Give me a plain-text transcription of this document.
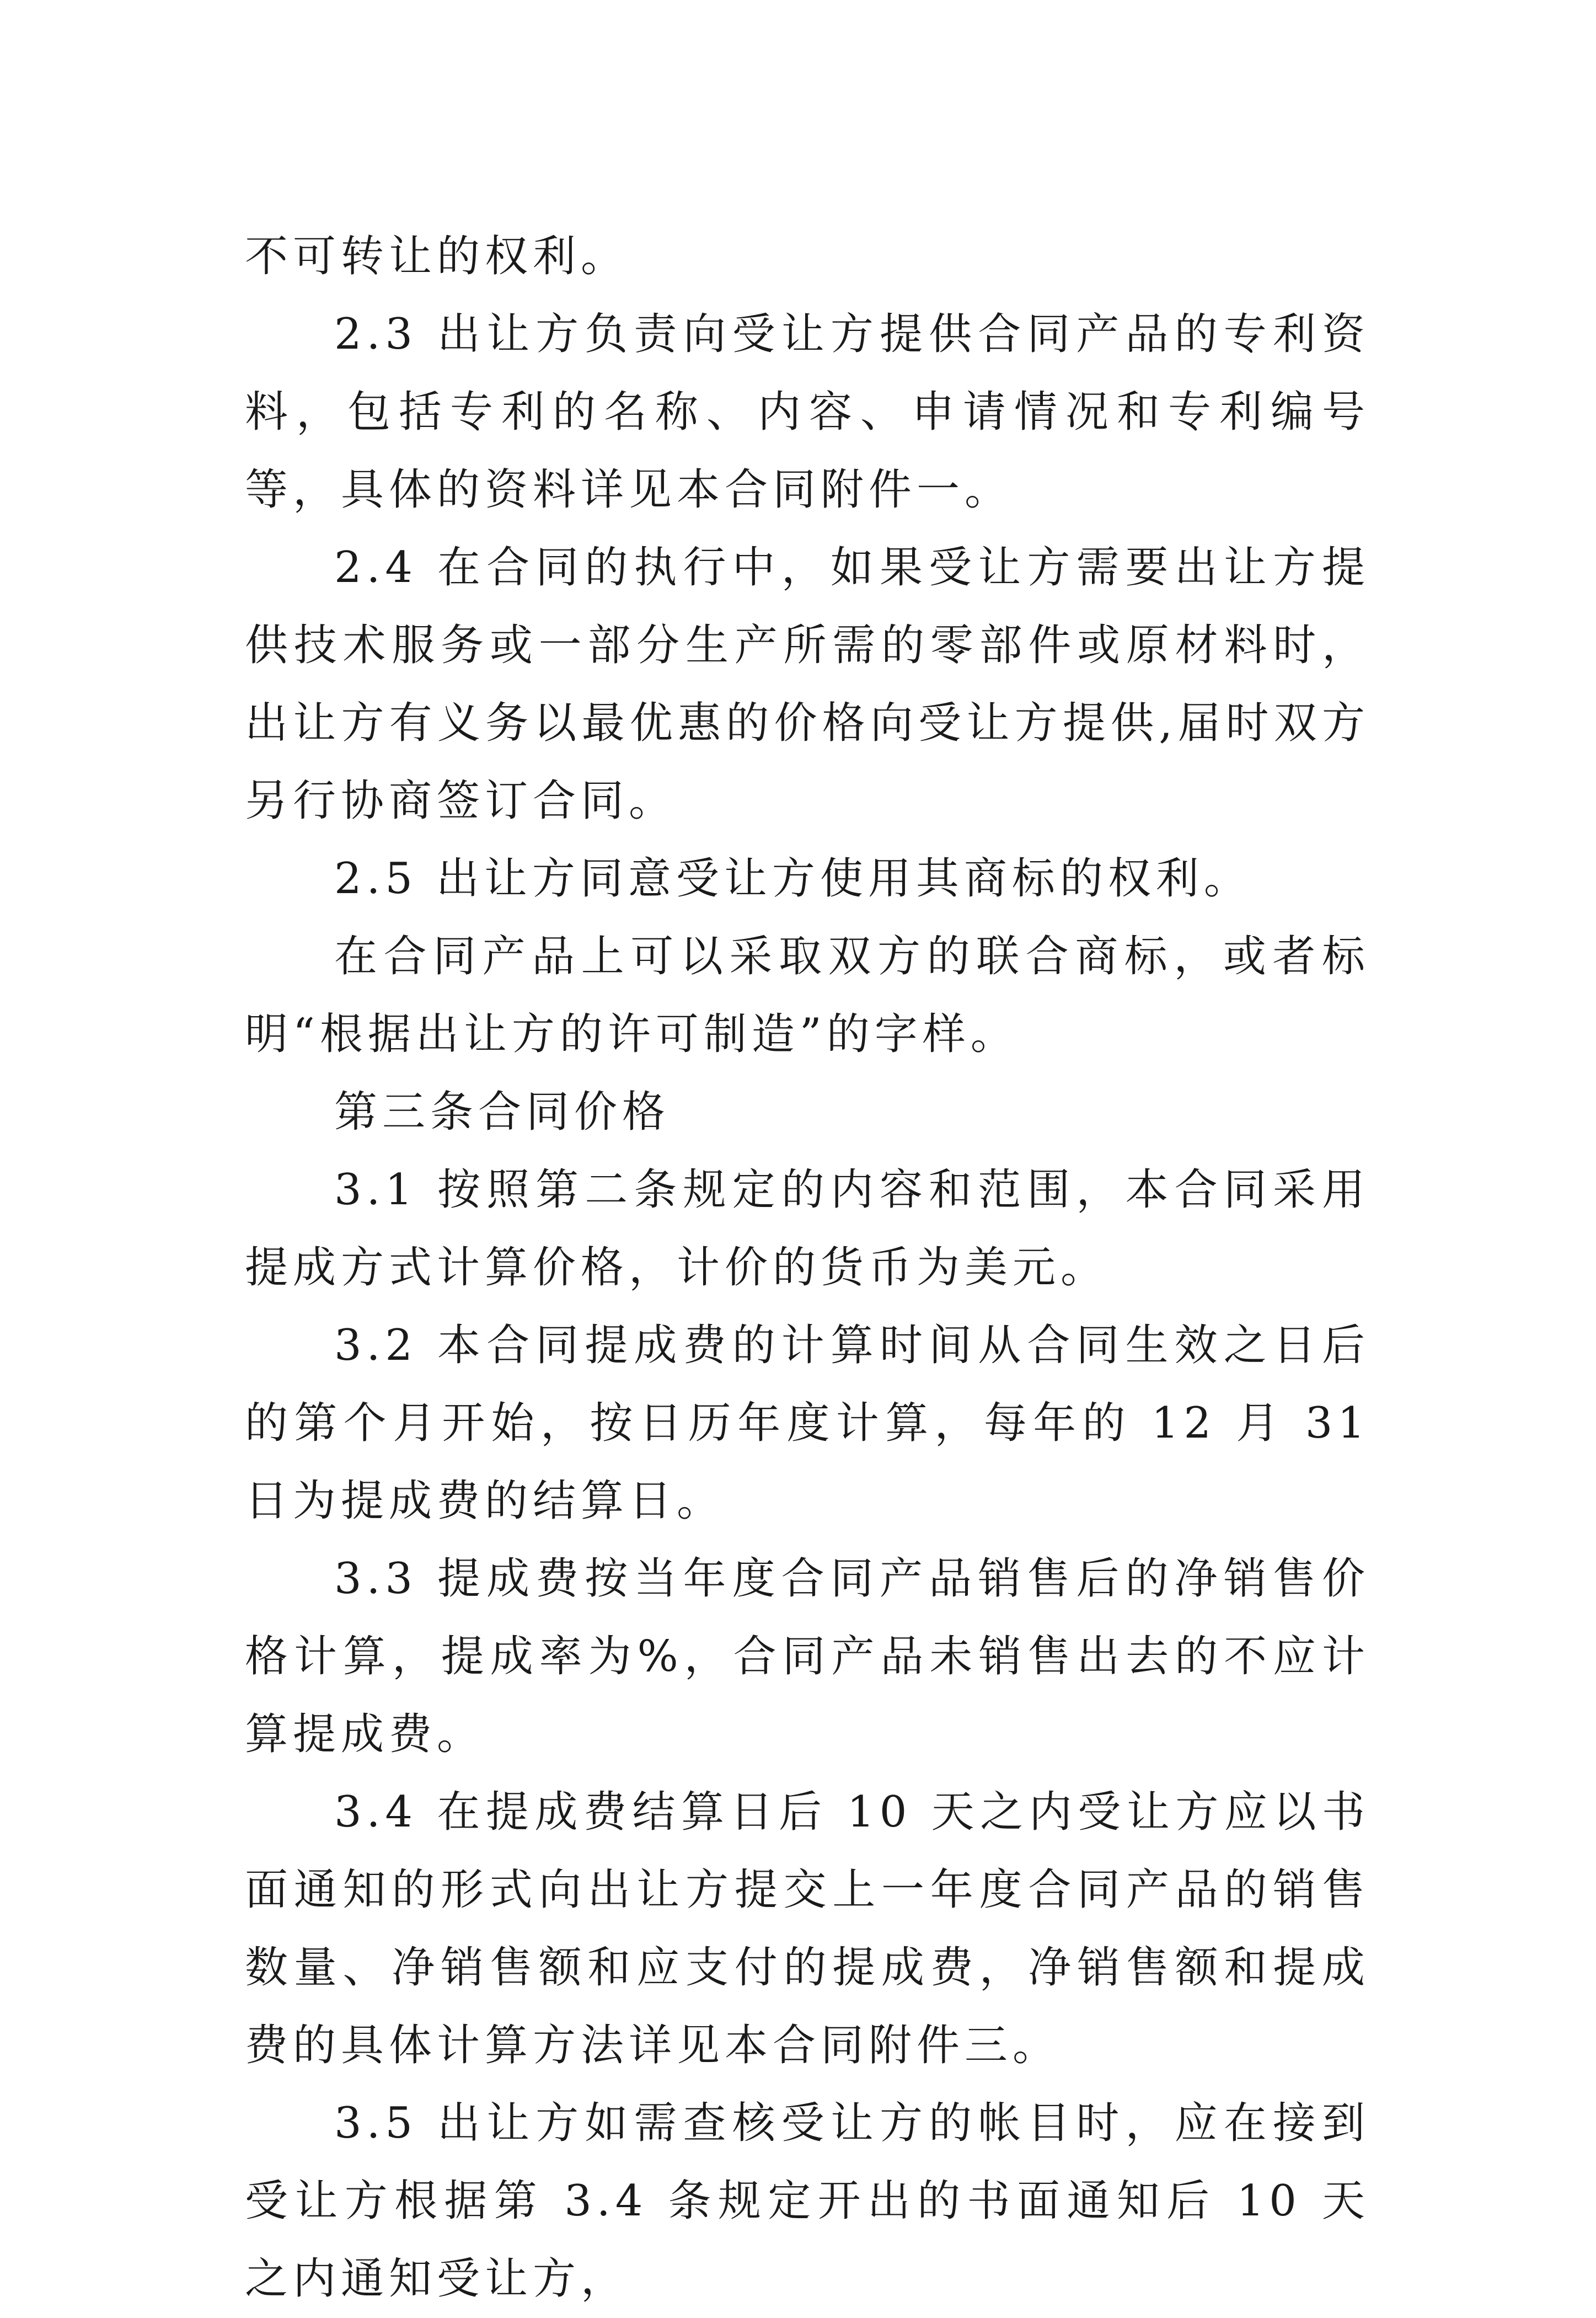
不可转让的权利。

2.3 出让方负责向受让方提供合同产品的专利资料，包括专利的名称、内容、申请情况和专利编号等，具体的资料详见本合同附件一。

2.4 在合同的执行中，如果受让方需要出让方提供技术服务或一部分生产所需的零部件或原材料时，出让方有义务以最优惠的价格向受让方提供,届时双方另行协商签订合同。

2.5 出让方同意受让方使用其商标的权利。

在合同产品上可以采取双方的联合商标，或者标明“根据出让方的许可制造”的字样。

第三条合同价格

3.1 按照第二条规定的内容和范围，本合同采用提成方式计算价格，计价的货币为美元。

3.2 本合同提成费的计算时间从合同生效之日后的第个月开始，按日历年度计算，每年的 12 月 31 日为提成费的结算日。

3.3 提成费按当年度合同产品销售后的净销售价格计算，提成率为%，合同产品未销售出去的不应计算提成费。

3.4 在提成费结算日后 10 天之内受让方应以书面通知的形式向出让方提交上一年度合同产品的销售数量、净销售额和应支付的提成费，净销售额和提成费的具体计算方法详见本合同附件三。

3.5 出让方如需查核受让方的帐目时，应在接到受让方根据第 3.4 条规定开出的书面通知后 10 天之内通知受让方，
